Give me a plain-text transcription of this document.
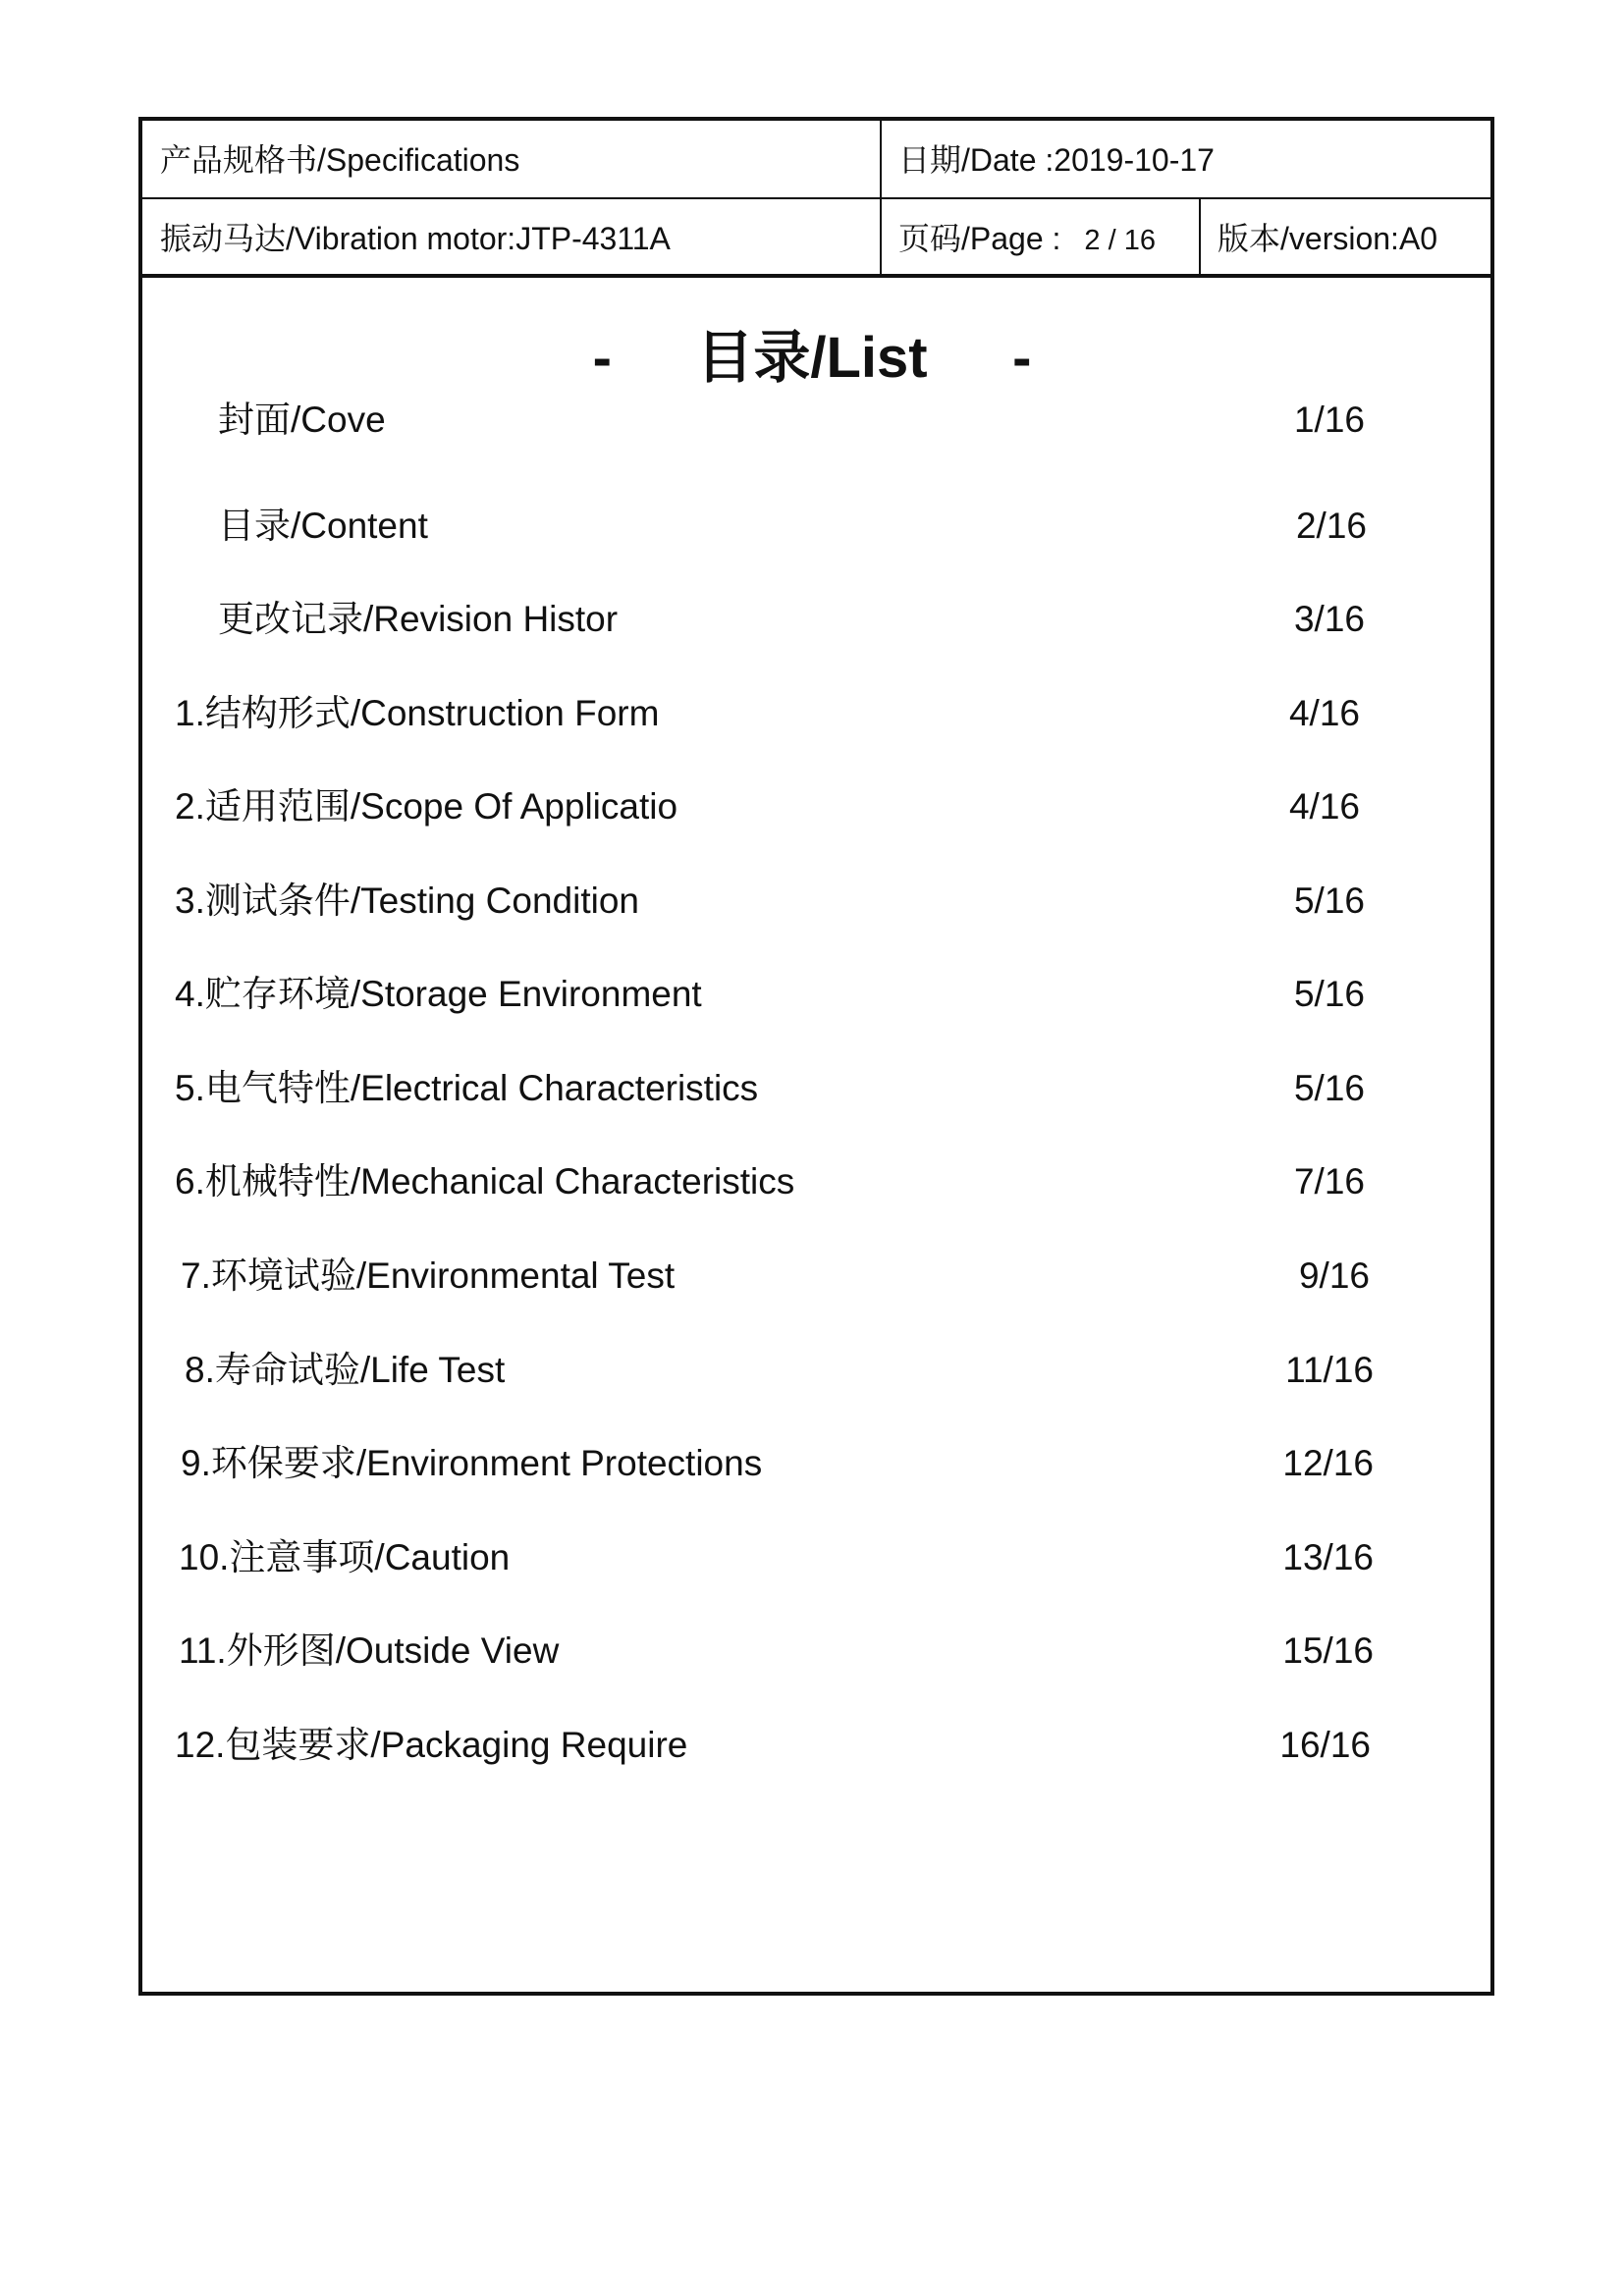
产品规格书/Specifications	日期/Date :2019-10-17
振动马达/Vibration motor:JTP-4311A	页码/Page : 2 / 16 版本/version:A0
- 目录/List -
封面/Cove	1/16
目录/Content	2/16
更改记录/Revision Histor	3/16
1.结构形式/Construction Form	4/16
2.适用范围/Scope Of Applicatio	4/16
3.测试条件/Testing Condition	5/16
4.贮存环境/Storage Environment	5/16
5.电气特性/Electrical Characteristics	5/16
6.机械特性/Mechanical Characteristics	7/16
7.环境试验/Environmental Test	9/16
8.寿命试验/Life Test	11/16
9.环保要求/Environment Protections	12/16
10.注意事项/Caution	13/16
11.外形图/Outside View	15/16
12.包装要求/Packaging Require	16/16
